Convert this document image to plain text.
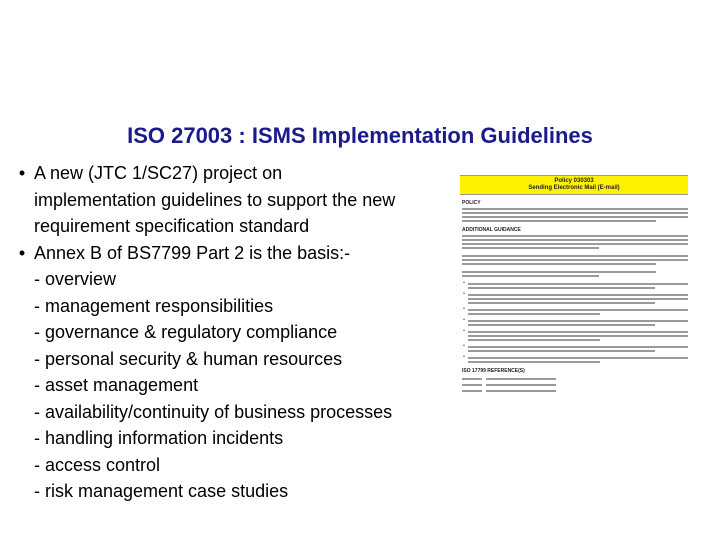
ISO 27003 : ISMS Implementation Guidelines
• A new (JTC 1/SC27) project on
implementation guidelines to support the new
requirement specification standard
• Annex B of BS7799 Part 2 is the basis:-
- overview
- management responsibilities
- governance & regulatory compliance
- personal security & human resources
- asset management
- availability/continuity of business processes
- handling information incidents
- access control
- risk management case studies
Policy 030303
Sending Electronic Mail (E-mail)
POLICY
ADDITIONAL GUIDANCE
•
•
•
•
•
•
•
ISO 17799 REFERENCE(S)
